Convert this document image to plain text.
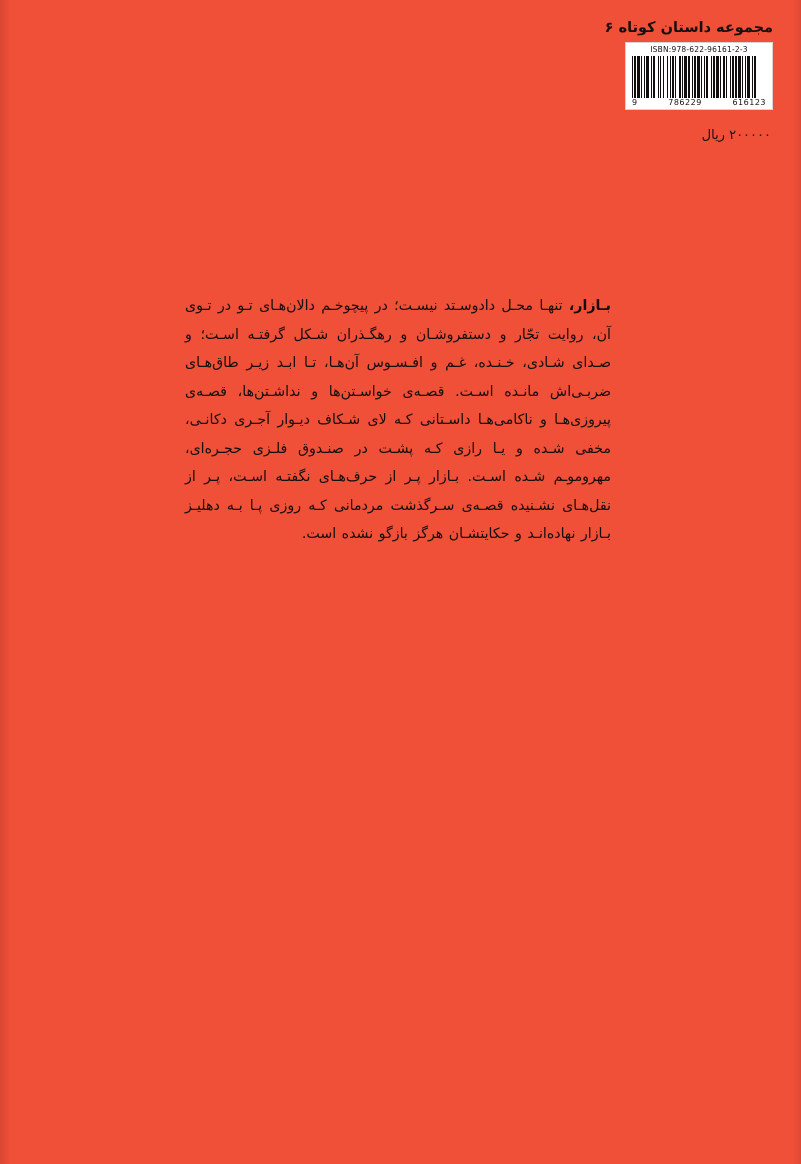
مجموعه داستان کوتاه ۶
ISBN:978-622-96161-2-3
9	786229	616123
۲۰۰۰۰۰ ریال
بـازار، تنهـا محـل دادوسـتد نیسـت؛ در پیچوخـم دالان‌هـای تـو در تـوی آن، روایت تجّار و دستفروشـان و رهگـذران شـکل گرفتـه اسـت؛ و صـدای شـادی، خـنـده، غـم و افـسـوس آن‌هـا، تـا ابـد زیـر طاق‌هـای ضربـی‌اش مانـده اسـت. قصـه‌ی خواسـتن‌ها و نداشـتن‌ها، قصـه‌ی پیروزی‌هـا و ناکامی‌هـا داسـتانی کـه لای شـکاف دیـوار آجـری دکانـی، مخفی شـده و یـا رازی کـه پشـت در صنـدوق فلـزی حجـره‌ای، مهروموـم شـده اسـت. بـازار پـر از حرف‌هـای نگفتـه اسـت، پـر از نقل‌هـای نشـنیده قصـه‌ی سـرگذشت مردمانی کـه روزی پـا بـه دهلیـز بـازار نهاده‌انـد و حکایتشـان هرگز بازگو نشده است.
